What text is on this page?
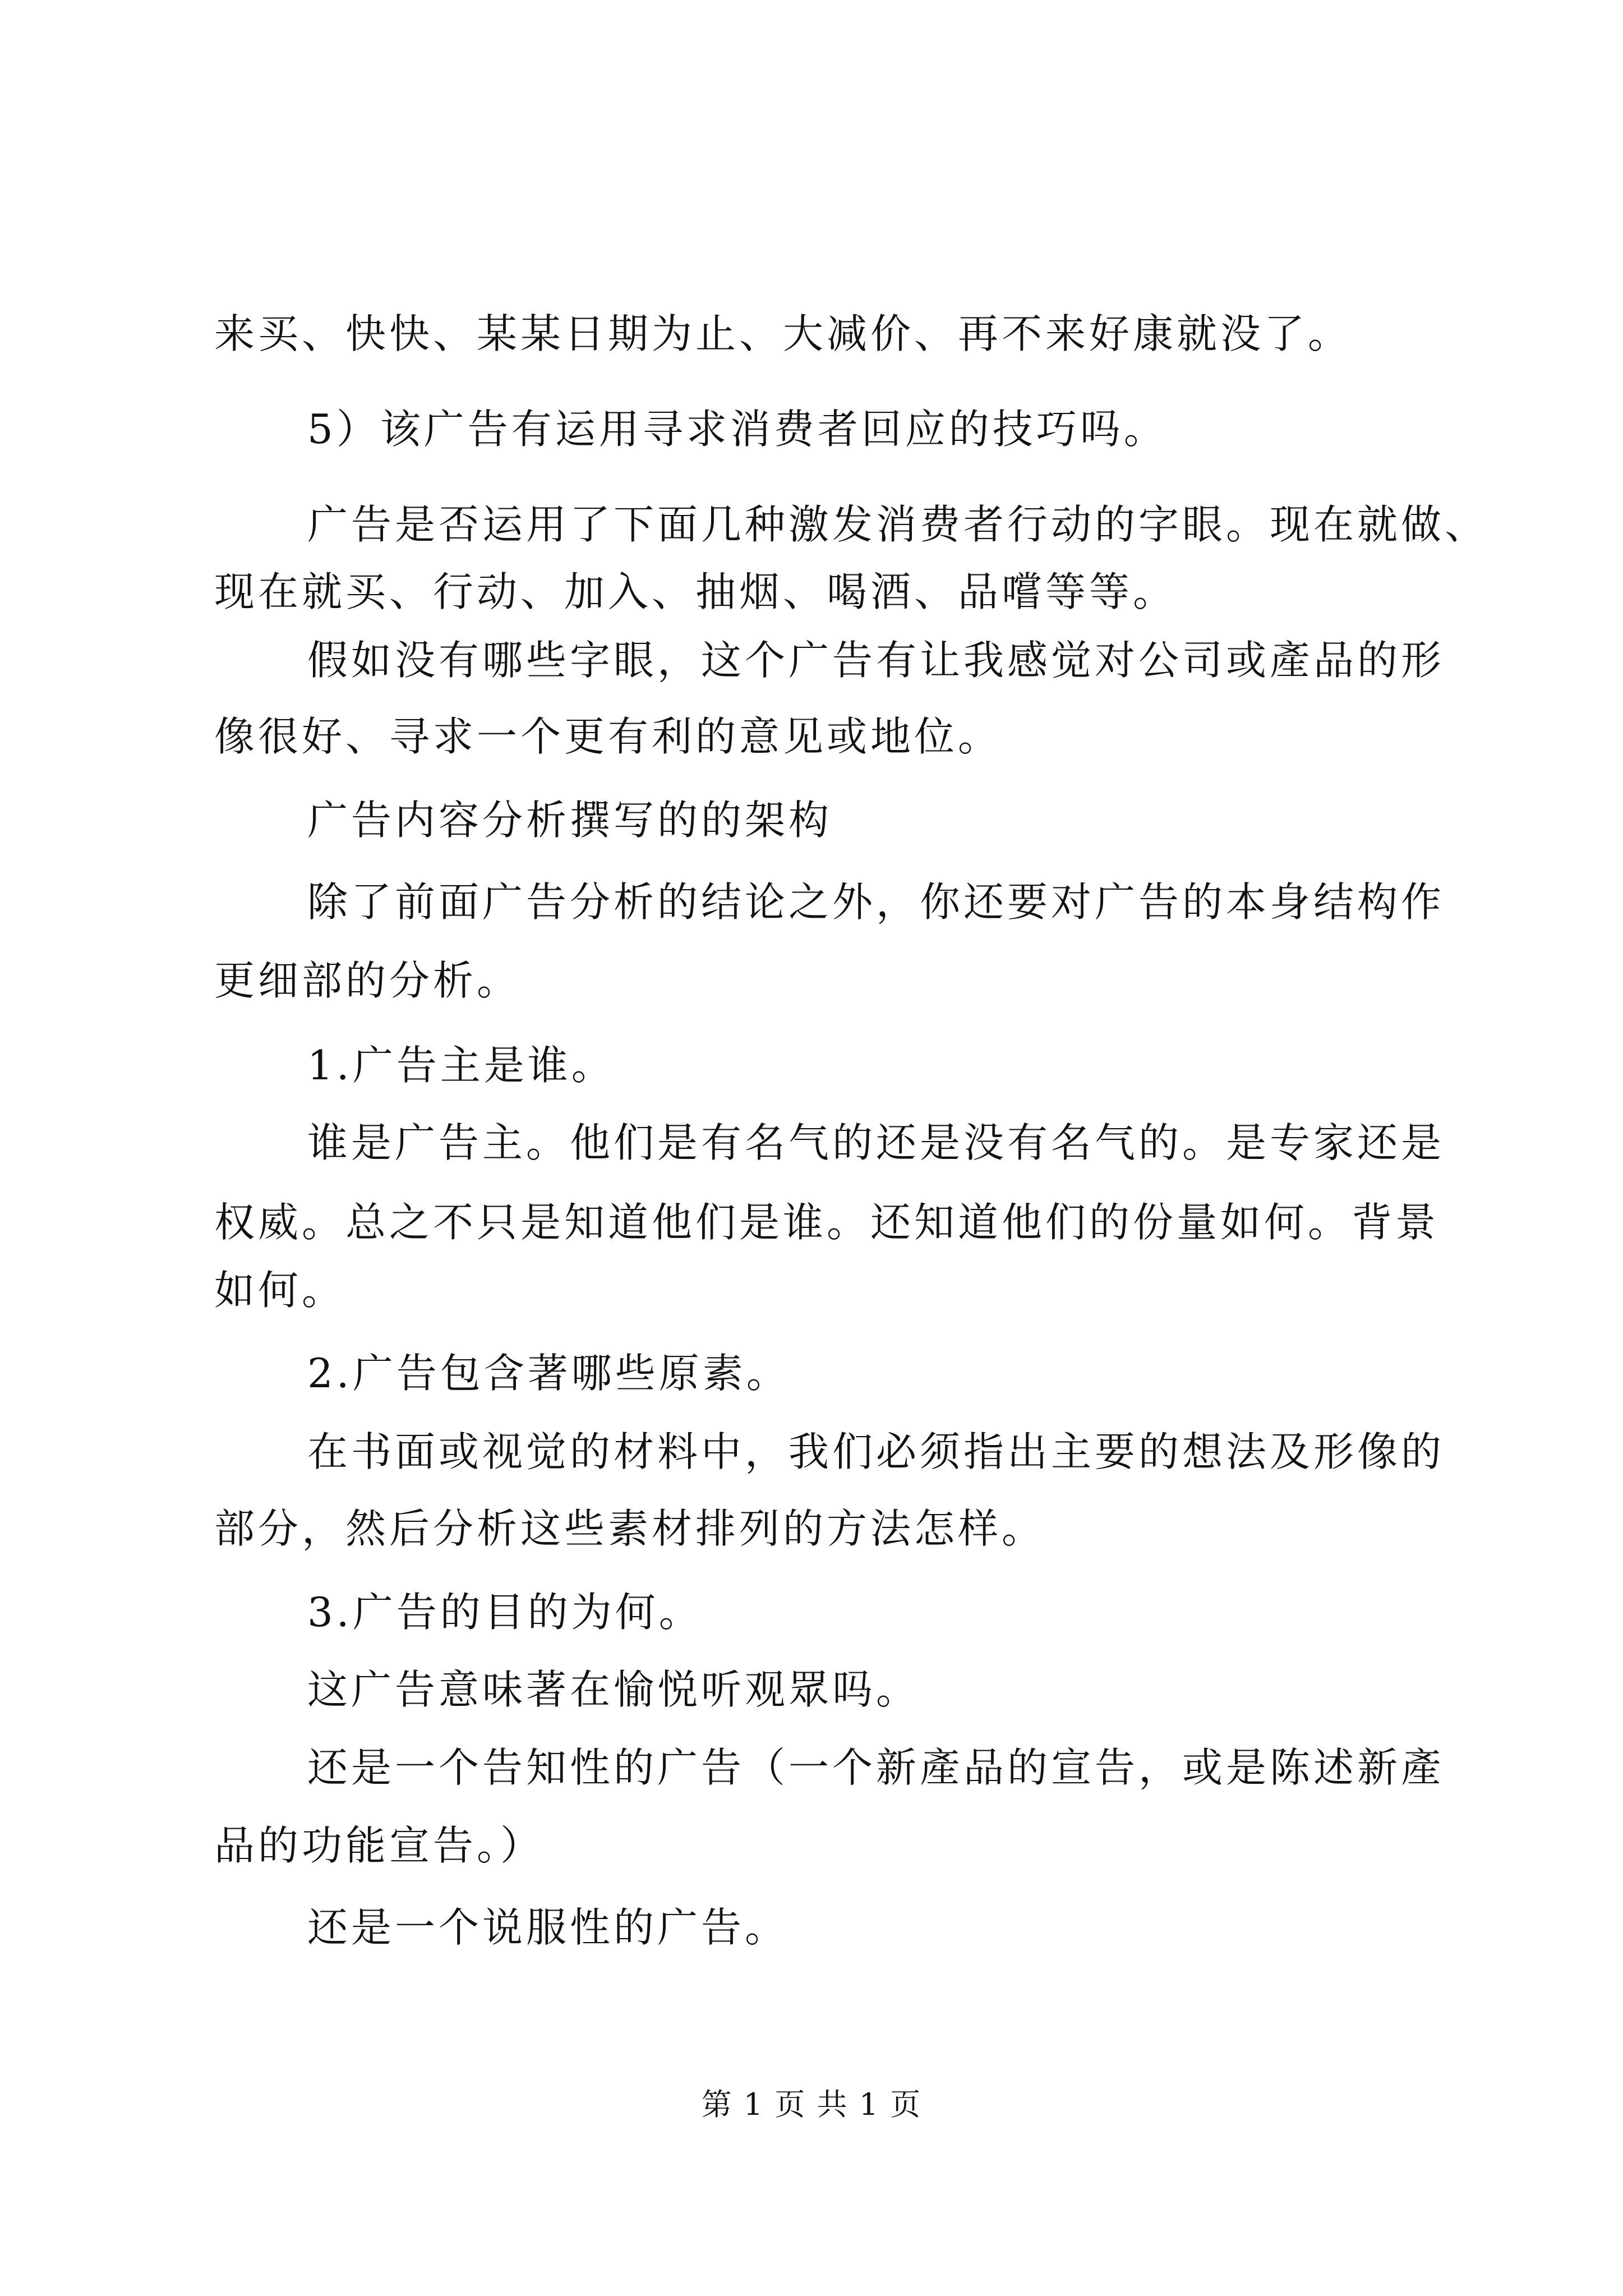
来买、快快、某某日期为止、大减价、再不来好康就没了。
5）该广告有运用寻求消费者回应的技巧吗。
广告是否运用了下面几种激发消费者行动的字眼。现在就做、
现在就买、行动、加入、抽烟、喝酒、品嚐等等。
假如没有哪些字眼，这个广告有让我感觉对公司或產品的形
像很好、寻求一个更有利的意见或地位。
广告内容分析撰写的的架构
除了前面广告分析的结论之外，你还要对广告的本身结构作
更细部的分析。
1.广告主是谁。
谁是广告主。他们是有名气的还是没有名气的。是专家还是
权威。总之不只是知道他们是谁。还知道他们的份量如何。背景
如何。
2.广告包含著哪些原素。
在书面或视觉的材料中，我们必须指出主要的想法及形像的
部分，然后分析这些素材排列的方法怎样。
3.广告的目的为何。
这广告意味著在愉悦听观眾吗。
还是一个告知性的广告（一个新產品的宣告，或是陈述新產
品的功能宣告。）
还是一个说服性的广告。
第 1 页 共 1 页
